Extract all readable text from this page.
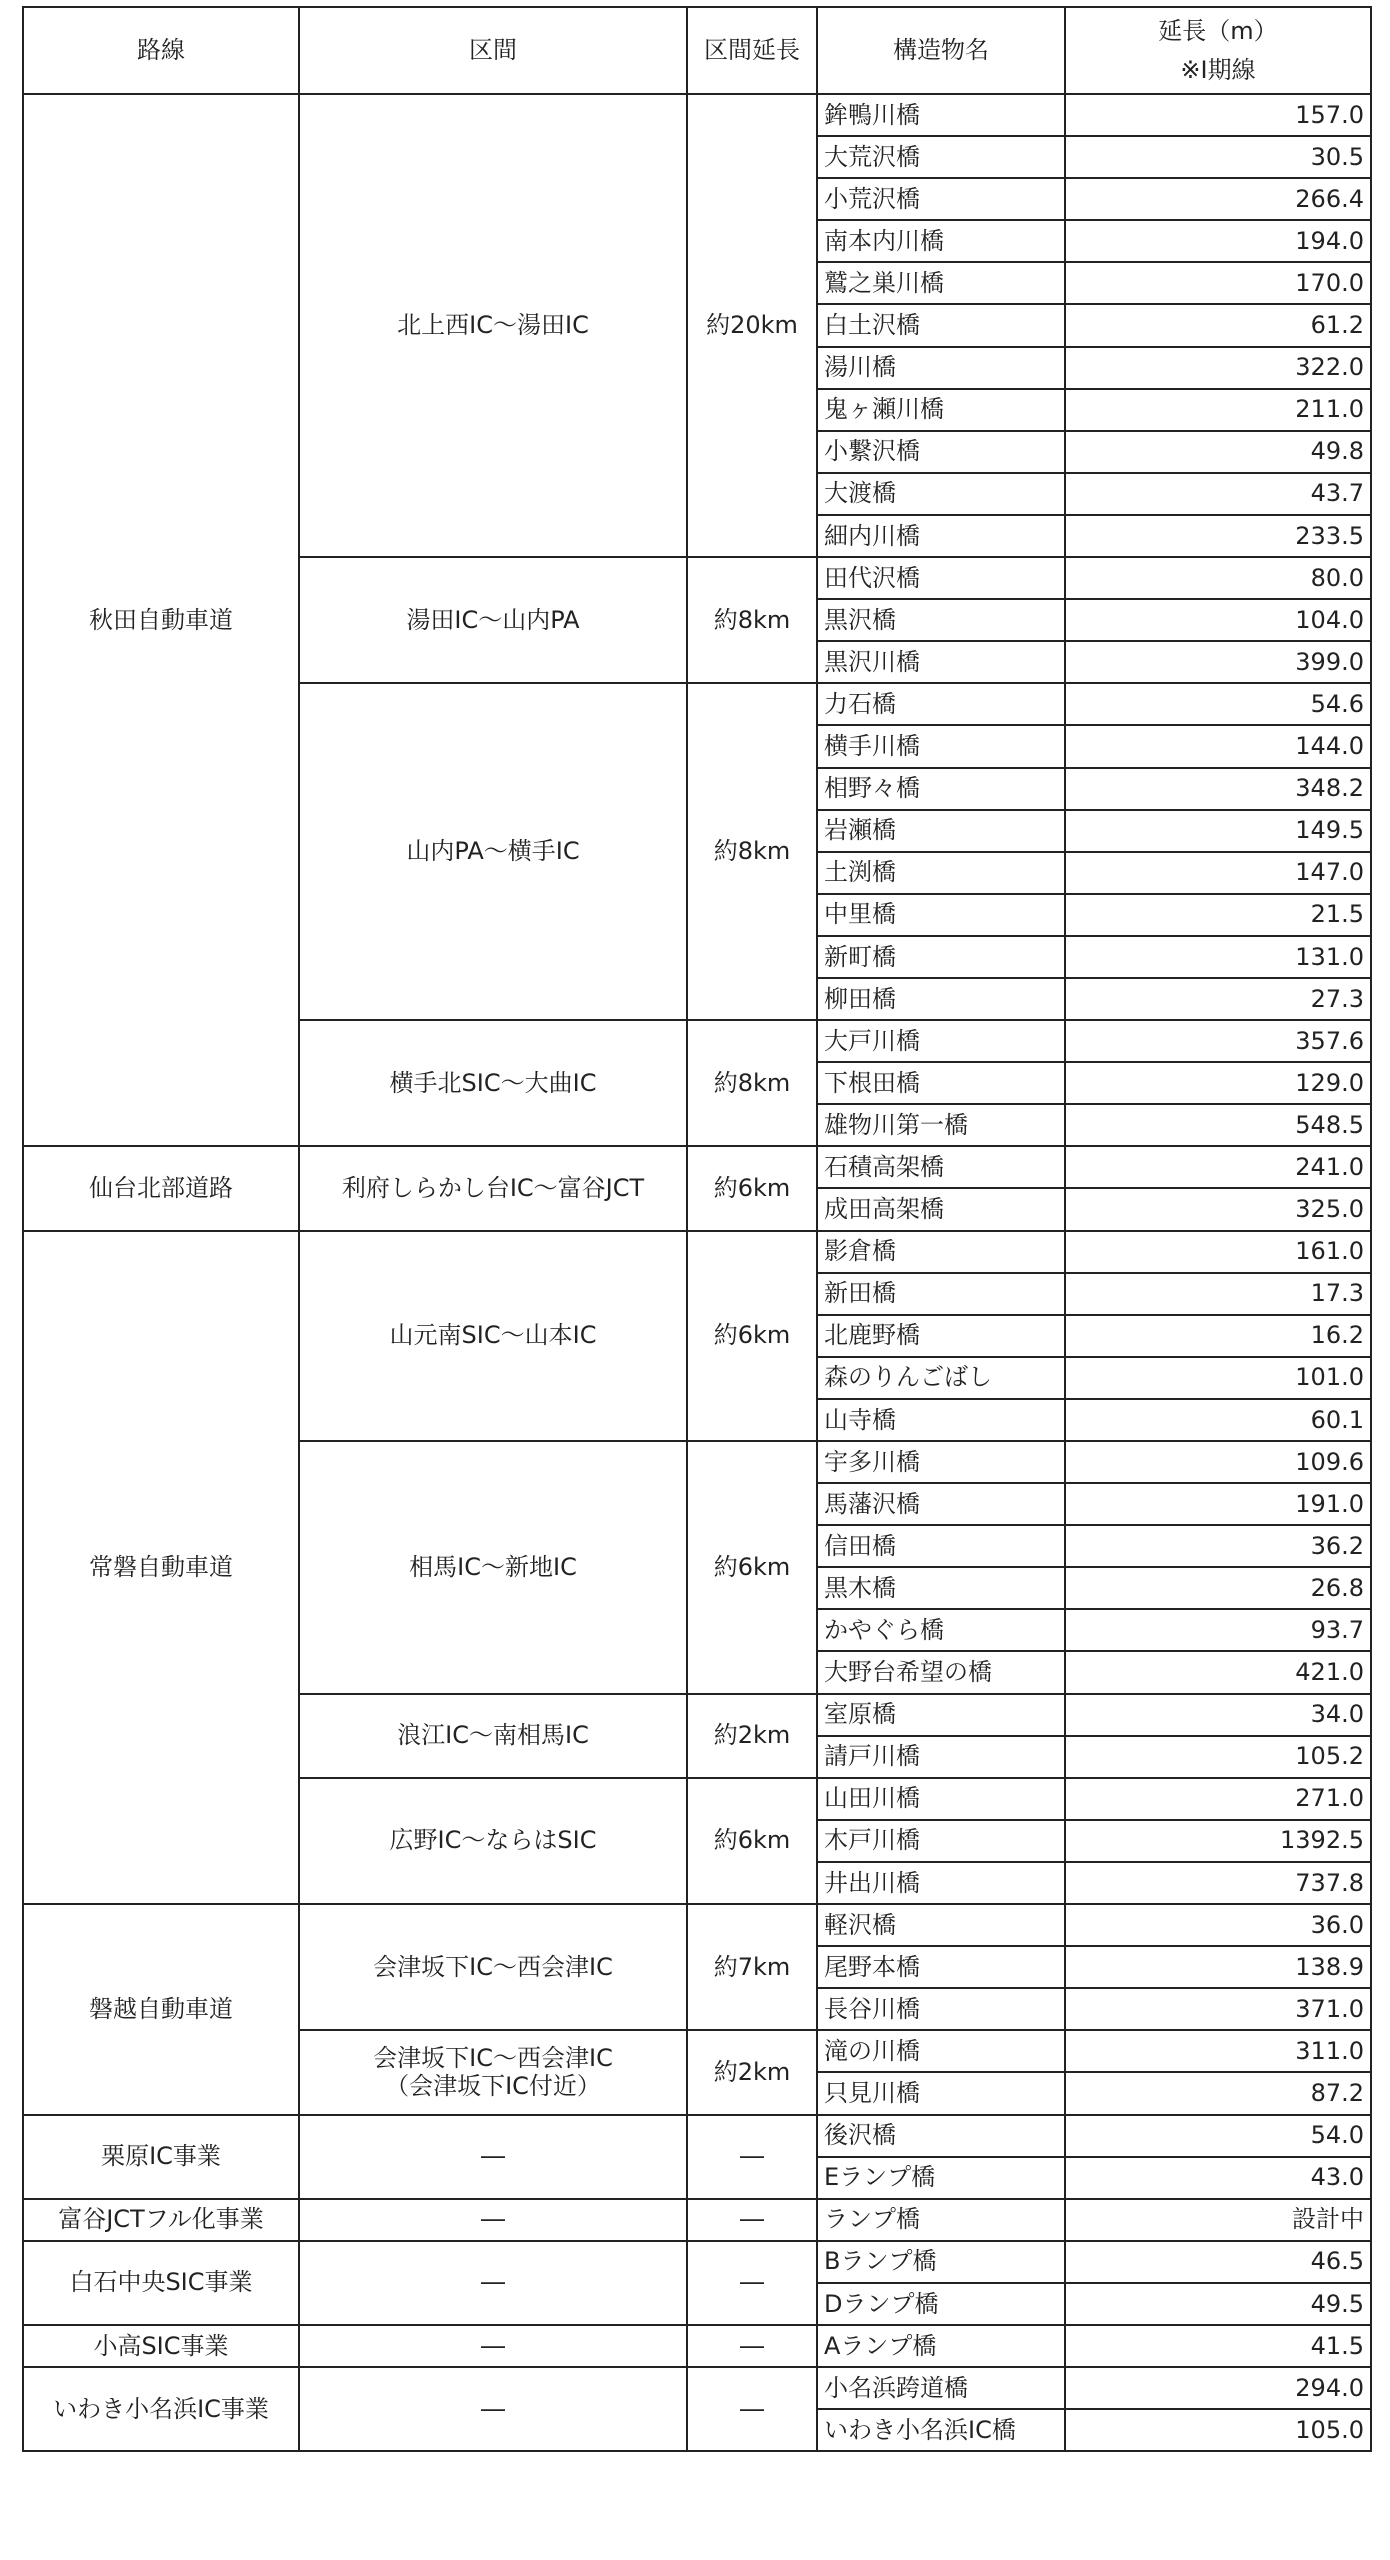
路線	区間	区間延長	構造物名	延長（m）
※Ⅰ期線
秋田自動車道	北上西IC～湯田IC	約20km	鉾鴨川橋	157.0
			大荒沢橋	30.5
			小荒沢橋	266.4
			南本内川橋	194.0
			鷲之巣川橋	170.0
			白土沢橋	61.2
			湯川橋	322.0
			鬼ヶ瀬川橋	211.0
			小繋沢橋	49.8
			大渡橋	43.7
			細内川橋	233.5
	湯田IC～山内PA	約8km	田代沢橋	80.0
			黒沢橋	104.0
			黒沢川橋	399.0
	山内PA～横手IC	約8km	力石橋	54.6
			横手川橋	144.0
			相野々橋	348.2
			岩瀬橋	149.5
			土渕橋	147.0
			中里橋	21.5
			新町橋	131.0
			柳田橋	27.3
	横手北SIC～大曲IC	約8km	大戸川橋	357.6
			下根田橋	129.0
			雄物川第一橋	548.5
仙台北部道路	利府しらかし台IC～富谷JCT	約6km	石積高架橋	241.0
			成田高架橋	325.0
常磐自動車道	山元南SIC～山本IC	約6km	影倉橋	161.0
			新田橋	17.3
			北鹿野橋	16.2
			森のりんごばし	101.0
			山寺橋	60.1
	相馬IC～新地IC	約6km	宇多川橋	109.6
			馬藩沢橋	191.0
			信田橋	36.2
			黒木橋	26.8
			かやぐら橋	93.7
			大野台希望の橋	421.0
	浪江IC～南相馬IC	約2km	室原橋	34.0
			請戸川橋	105.2
	広野IC～ならはSIC	約6km	山田川橋	271.0
			木戸川橋	1392.5
			井出川橋	737.8
磐越自動車道	会津坂下IC～西会津IC	約7km	軽沢橋	36.0
			尾野本橋	138.9
			長谷川橋	371.0
	会津坂下IC～西会津IC
（会津坂下IC付近）	約2km	滝の川橋	311.0
			只見川橋	87.2
栗原IC事業	―	―	後沢橋	54.0
			Eランプ橋	43.0
富谷JCTフル化事業	―	―	ランプ橋	設計中
白石中央SIC事業	―	―	Bランプ橋	46.5
			Dランプ橋	49.5
小高SIC事業	―	―	Aランプ橋	41.5
いわき小名浜IC事業	―	―	小名浜跨道橋	294.0
			いわき小名浜IC橋	105.0
